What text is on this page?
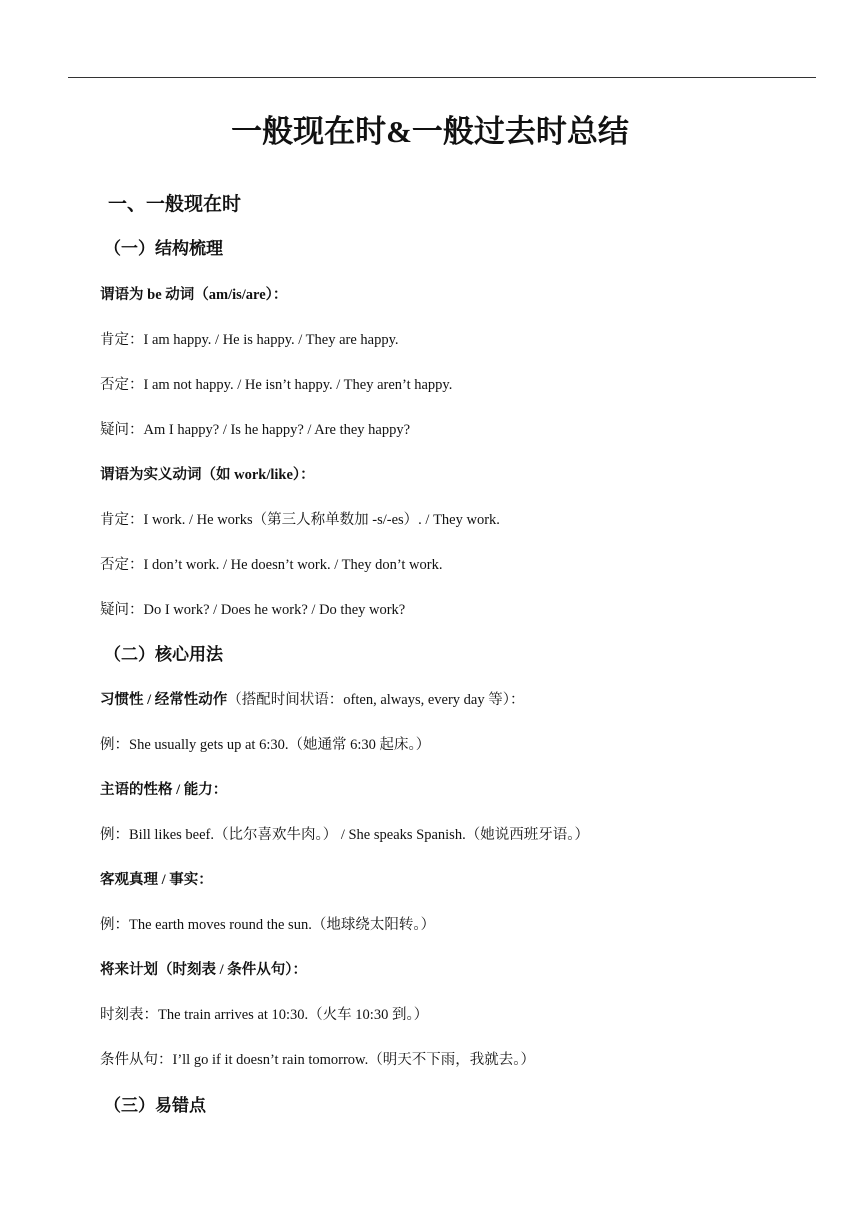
一般现在时&一般过去时总结
一、一般现在时
（一）结构梳理
谓语为 be 动词（am/is/are）：
肯定：I am happy. / He is happy. / They are happy.
否定：I am not happy. / He isn’t happy. / They aren’t happy.
疑问：Am I happy? / Is he happy? / Are they happy?
谓语为实义动词（如 work/like）：
肯定：I work. / He works（第三人称单数加 -s/-es）. / They work.
否定：I don’t work. / He doesn’t work. / They don’t work.
疑问：Do I work? / Does he work? / Do they work?
（二）核心用法
习惯性 / 经常性动作（搭配时间状语：often, always, every day 等）：
例：She usually gets up at 6:30.（她通常 6:30 起床。）
主语的性格 / 能力：
例：Bill likes beef.（比尔喜欢牛肉。） / She speaks Spanish.（她说西班牙语。）
客观真理 / 事实：
例：The earth moves round the sun.（地球绕太阳转。）
将来计划（时刻表 / 条件从句）：
时刻表：The train arrives at 10:30.（火车 10:30 到。）
条件从句：I’ll go if it doesn’t rain tomorrow.（明天不下雨，我就去。）
（三）易错点
